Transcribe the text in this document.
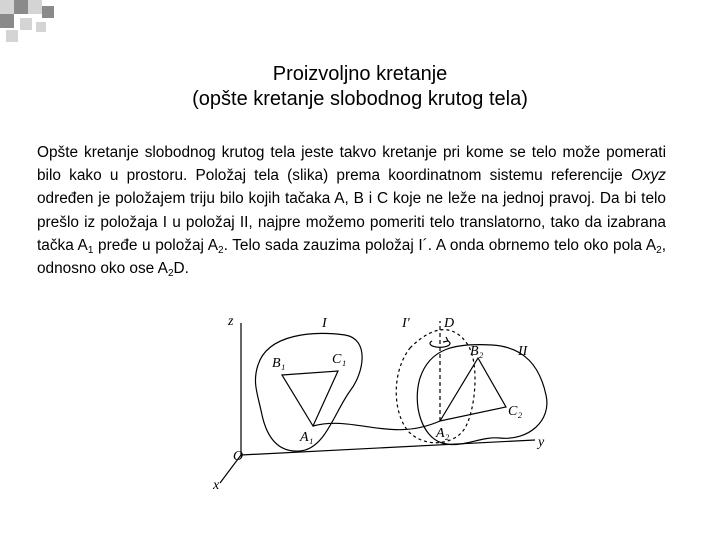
Proizvoljno kretanje
(opšte kretanje slobodnog krutog tela)
Opšte kretanje slobodnog krutog tela jeste takvo kretanje pri kome se telo može pomerati bilo kako u prostoru. Položaj tela (slika) prema koordinatnom sistemu referencije Oxyz određen je položajem triju bilo kojih tačaka A, B i C koje ne leže na jednoj pravoj. Da bi telo prešlo iz položaja I u položaj II, najpre možemo pomeriti telo translatorno, tako da izabrana tačka $A_1$ pređe u položaj $A_2$. Telo sada zauzima položaj I´. A onda obrnemo telo oko pola $A_2$, odnosno oko ose $A_2D$.
z
y
x
O
I	I' D
II
B₁	C₁
A₁
B₂
C₂
A₂
